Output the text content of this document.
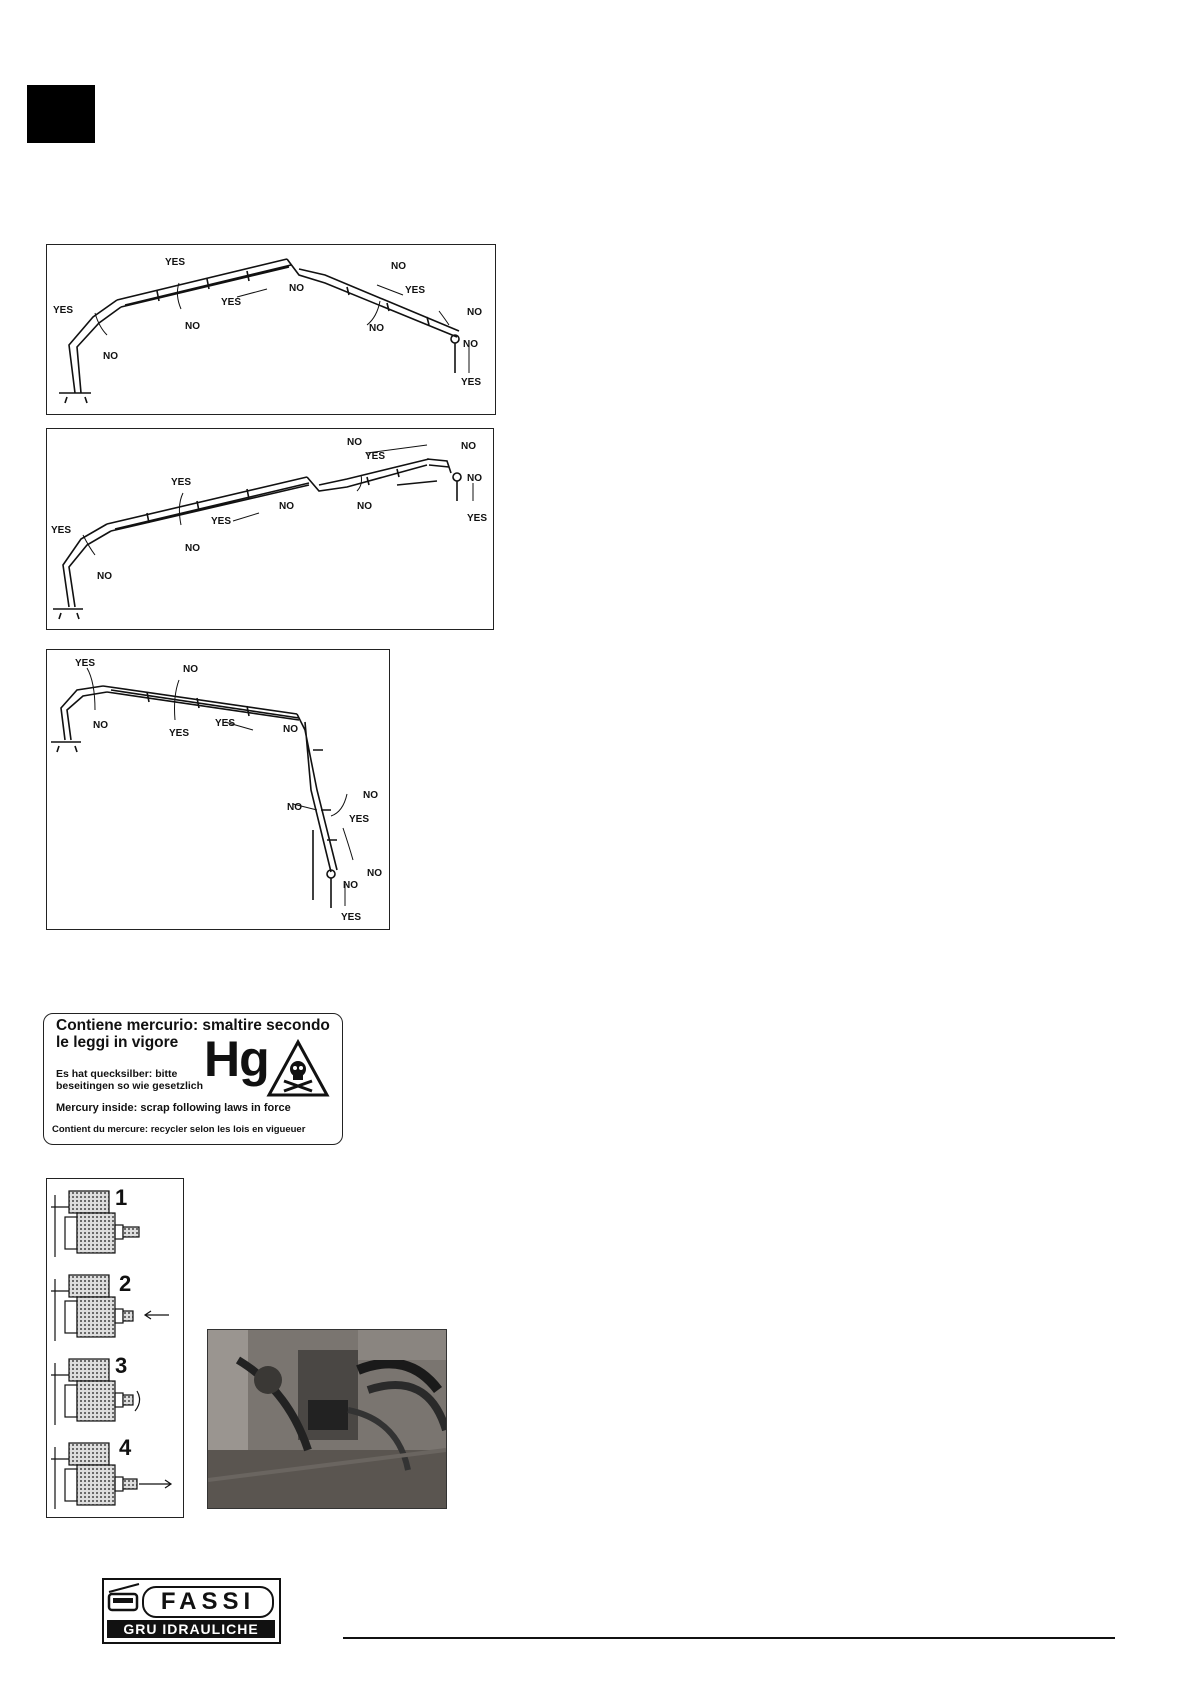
YES
NO
YES
NO
YES
NO
NO
YES
NO
NO
NO
YES
NO
YES
NO
YES
NO
YES
NO
NO
YES
YES
NO
NO
YES
NO
NO
YES
YES
NO
NO
NO
YES
NO
NO
YES
Contiene mercurio: smaltire secondo
le leggi in vigore Hg
Es hat quecksilber: bitte
beseitingen so wie gesetzlich
Mercury inside: scrap following laws in force
Contient du mercure: recycler selon les lois en vigueuer
1
2
3
4
FASSI
GRU IDRAULICHE
